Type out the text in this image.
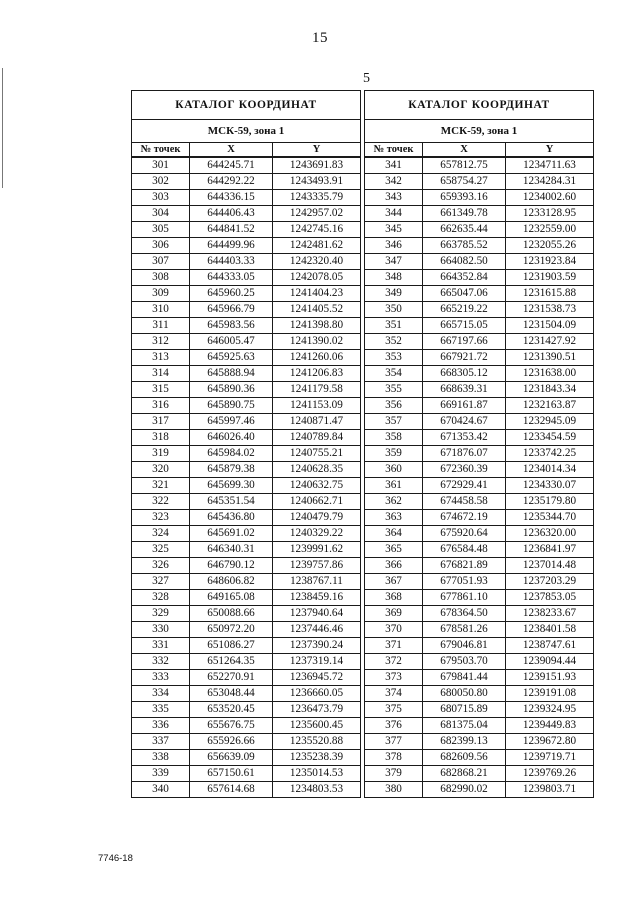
15
5
КАТАЛОГ КООРДИНАТ		
МСК-59, зона 1		
№ точек	X	Y
301	644245.71	1243691.83
302	644292.22	1243493.91
303	644336.15	1243335.79
304	644406.43	1242957.02
305	644841.52	1242745.16
306	644499.96	1242481.62
307	644403.33	1242320.40
308	644333.05	1242078.05
309	645960.25	1241404.23
310	645966.79	1241405.52
311	645983.56	1241398.80
312	646005.47	1241390.02
313	645925.63	1241260.06
314	645888.94	1241206.83
315	645890.36	1241179.58
316	645890.75	1241153.09
317	645997.46	1240871.47
318	646026.40	1240789.84
319	645984.02	1240755.21
320	645879.38	1240628.35
321	645699.30	1240632.75
322	645351.54	1240662.71
323	645436.80	1240479.79
324	645691.02	1240329.22
325	646340.31	1239991.62
326	646790.12	1239757.86
327	648606.82	1238767.11
328	649165.08	1238459.16
329	650088.66	1237940.64
330	650972.20	1237446.46
331	651086.27	1237390.24
332	651264.35	1237319.14
333	652270.91	1236945.72
334	653048.44	1236660.05
335	653520.45	1236473.79
336	655676.75	1235600.45
337	655926.66	1235520.88
338	656639.09	1235238.39
339	657150.61	1235014.53
340	657614.68	1234803.53
КАТАЛОГ КООРДИНАТ		
МСК-59, зона 1		
№ точек	X	Y
341	657812.75	1234711.63
342	658754.27	1234284.31
343	659393.16	1234002.60
344	661349.78	1233128.95
345	662635.44	1232559.00
346	663785.52	1232055.26
347	664082.50	1231923.84
348	664352.84	1231903.59
349	665047.06	1231615.88
350	665219.22	1231538.73
351	665715.05	1231504.09
352	667197.66	1231427.92
353	667921.72	1231390.51
354	668305.12	1231638.00
355	668639.31	1231843.34
356	669161.87	1232163.87
357	670424.67	1232945.09
358	671353.42	1233454.59
359	671876.07	1233742.25
360	672360.39	1234014.34
361	672929.41	1234330.07
362	674458.58	1235179.80
363	674672.19	1235344.70
364	675920.64	1236320.00
365	676584.48	1236841.97
366	676821.89	1237014.48
367	677051.93	1237203.29
368	677861.10	1237853.05
369	678364.50	1238233.67
370	678581.26	1238401.58
371	679046.81	1238747.61
372	679503.70	1239094.44
373	679841.44	1239151.93
374	680050.80	1239191.08
375	680715.89	1239324.95
376	681375.04	1239449.83
377	682399.13	1239672.80
378	682609.56	1239719.71
379	682868.21	1239769.26
380	682990.02	1239803.71
7746-18
